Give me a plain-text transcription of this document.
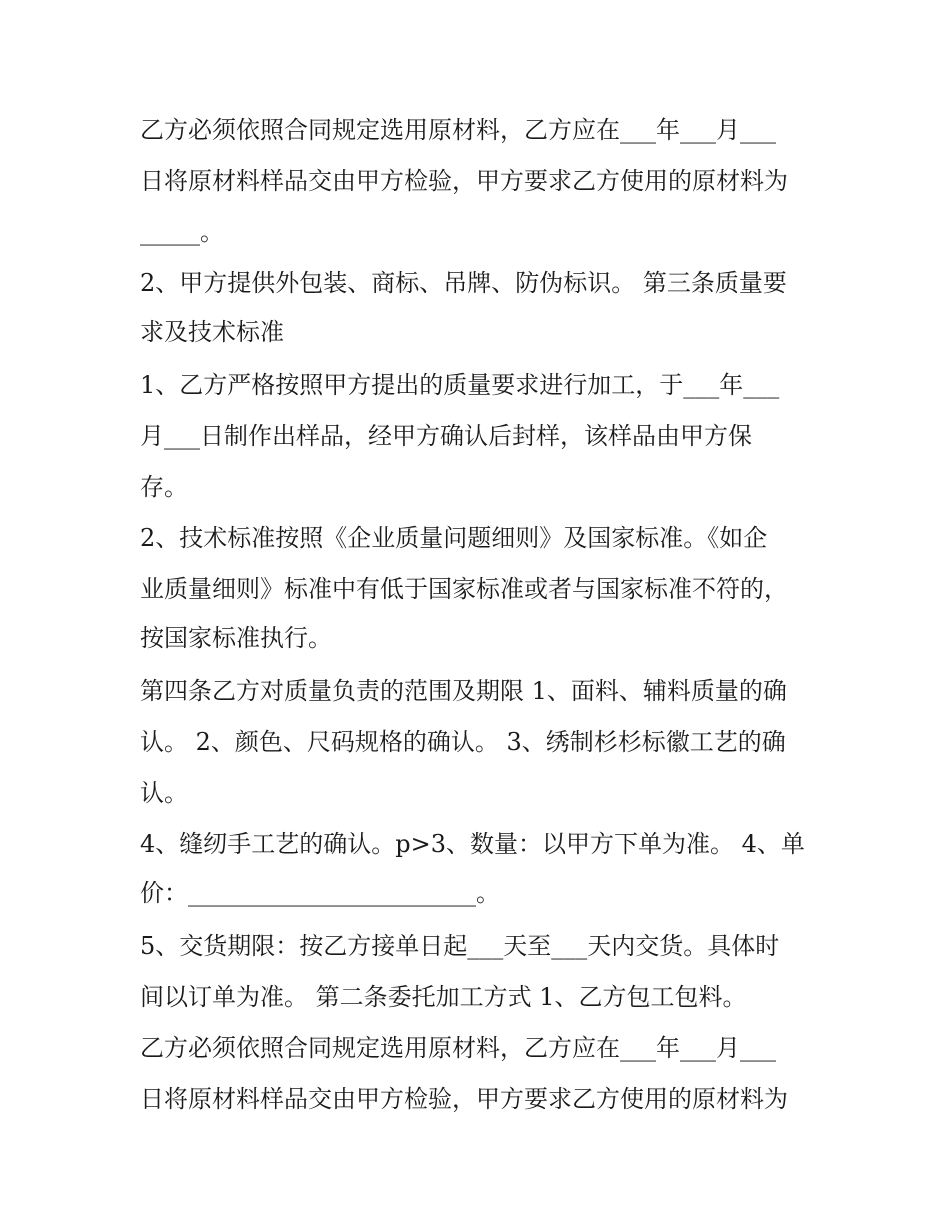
乙方必须依照合同规定选用原材料，乙方应在___年___月___
日将原材料样品交由甲方检验，甲方要求乙方使用的原材料为
_____。
2、甲方提供外包装、商标、吊牌、防伪标识。 第三条质量要
求及技术标准
1、乙方严格按照甲方提出的质量要求进行加工，于___年___
月___日制作出样品，经甲方确认后封样，该样品由甲方保
存。
2、技术标准按照《企业质量问题细则》及国家标准。《如企
业质量细则》标准中有低于国家标准或者与国家标准不符的，
按国家标准执行。
第四条乙方对质量负责的范围及期限 1、面料、辅料质量的确
认。 2、颜色、尺码规格的确认。 3、绣制杉杉标徽工艺的确
认。
4、缝纫手工艺的确认。p>3、数量：以甲方下单为准。 4、单
价：________________________。
5、交货期限：按乙方接单日起___天至___天内交货。具体时
间以订单为准。 第二条委托加工方式 1、乙方包工包料。
乙方必须依照合同规定选用原材料，乙方应在___年___月___
日将原材料样品交由甲方检验，甲方要求乙方使用的原材料为
